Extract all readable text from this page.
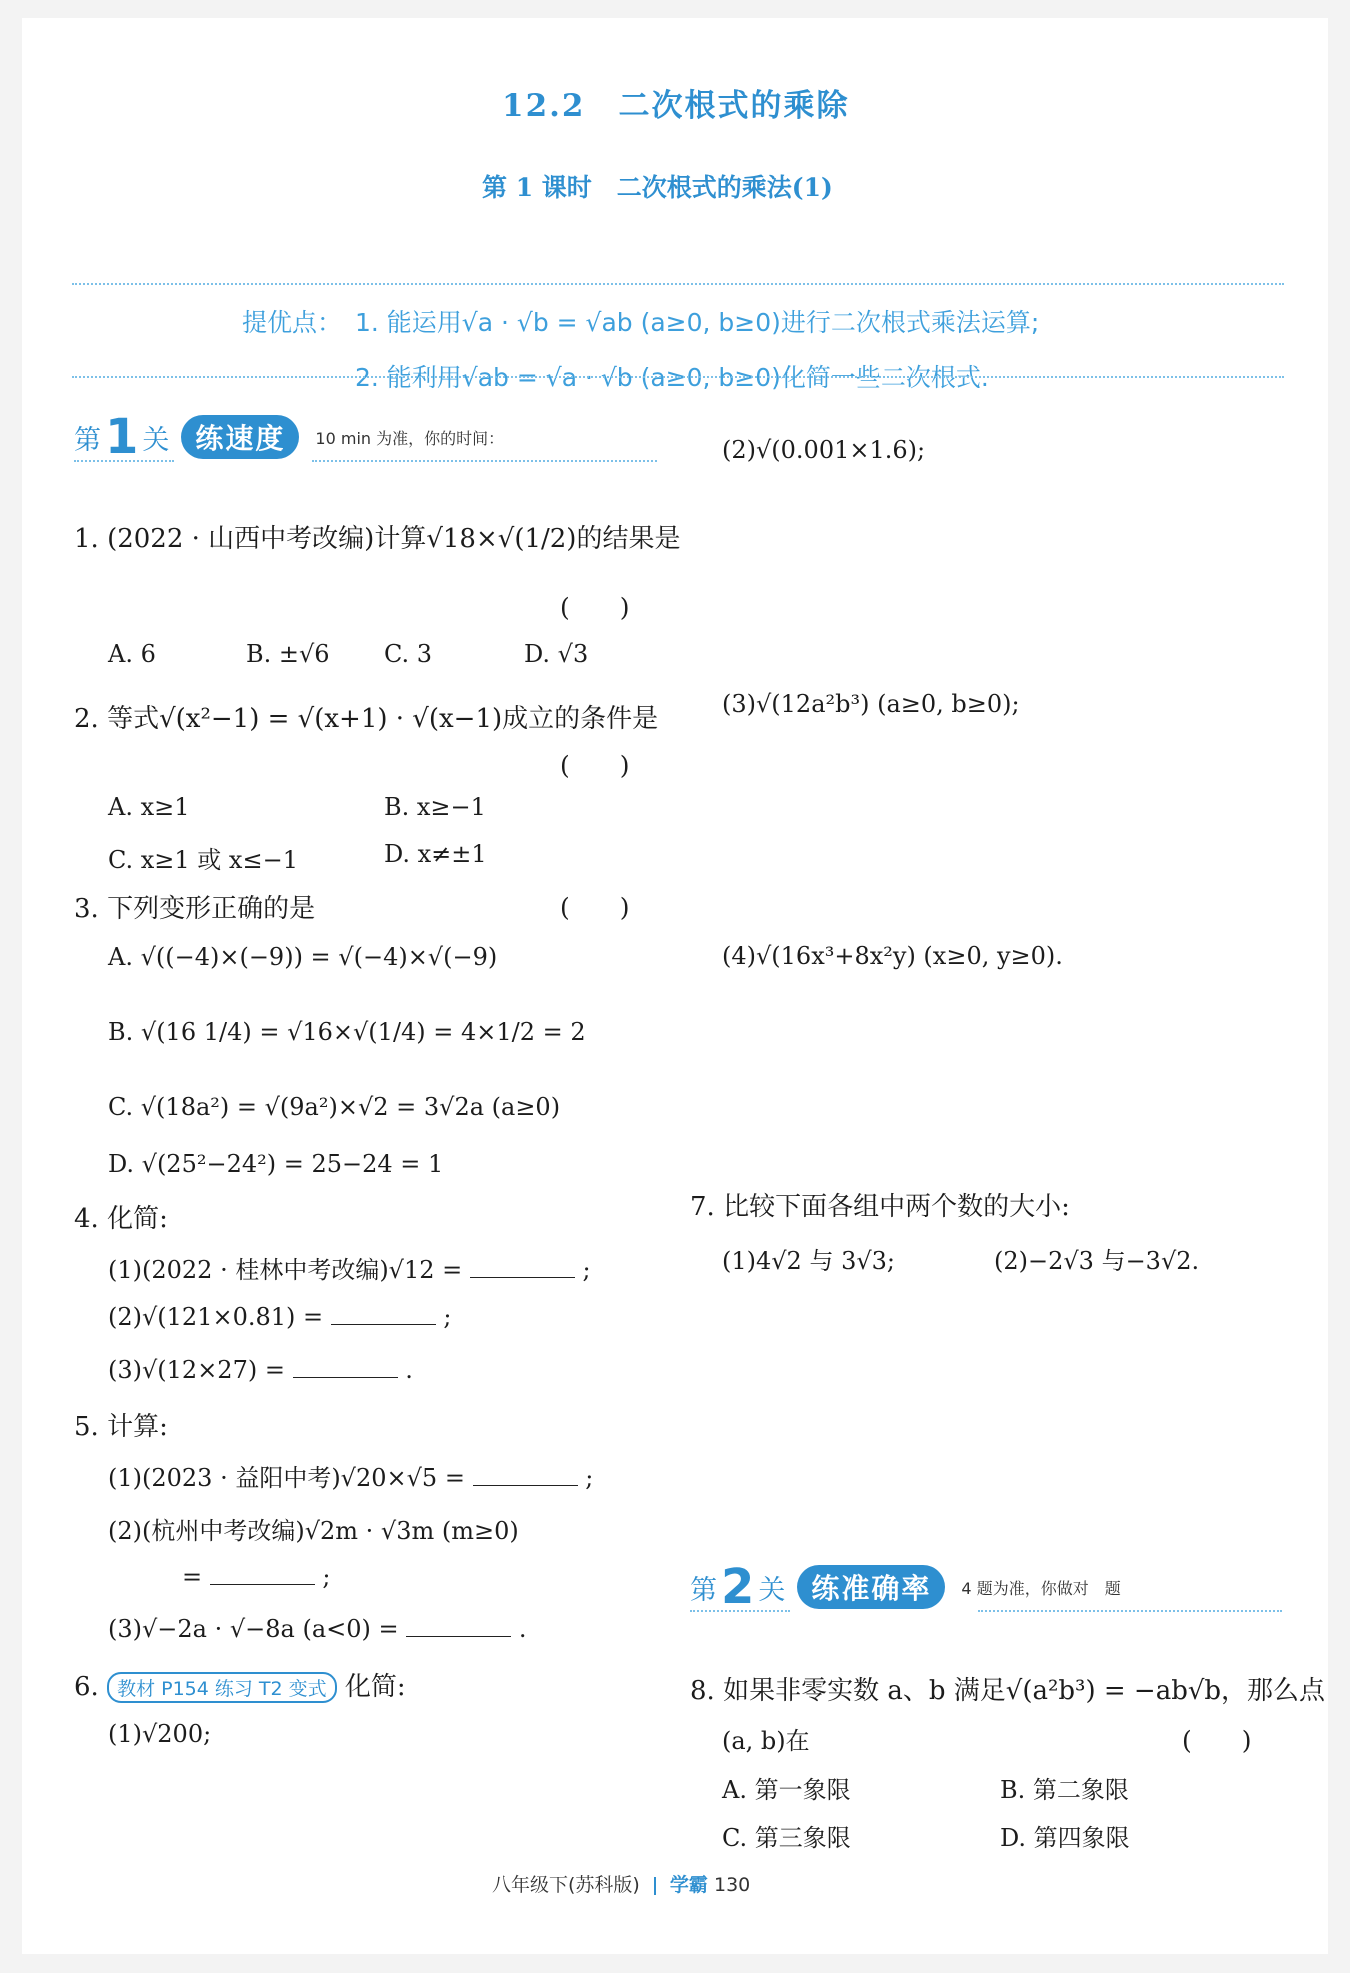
12.2　二次根式的乘除
第 1 课时　二次根式的乘法(1)
提优点： 1. 能运用√a · √b = √ab (a≥0, b≥0)进行二次根式乘法运算;
2. 能利用√ab = √a · √b (a≥0, b≥0)化简一些二次根式.
第 1 关 练速度	10 min 为准，你的时间：
1. (2022 · 山西中考改编)计算√18×√(1/2)的结果是
(　　)
A. 6	B. ±√6 C. 3	D. √3
2. 等式√(x²−1) = √(x+1) · √(x−1)成立的条件是
(　　)
A. x≥1	B. x≥−1
C. x≥1 或 x≤−1	D. x≠±1
3. 下列变形正确的是	(　　)
A. √((−4)×(−9)) = √(−4)×√(−9)
B. √(16 1/4) = √16×√(1/4) = 4×1/2 = 2
C. √(18a²) = √(9a²)×√2 = 3√2a (a≥0)
D. √(25²−24²) = 25−24 = 1
4. 化简:
(1)(2022 · 桂林中考改编)√12 =	;
(2)√(121×0.81) =	;
(3)√(12×27) =	.
5. 计算:
(1)(2023 · 益阳中考)√20×√5 =	;
(2)(杭州中考改编)√2m · √3m (m≥0)
=	;
(3)√−2a · √−8a (a<0) =	.
6. 教材 P154 练习 T2 变式 化简:
(1)√200;
(2)√(0.001×1.6);
(3)√(12a²b³) (a≥0, b≥0);
(4)√(16x³+8x²y) (x≥0, y≥0).
7. 比较下面各组中两个数的大小:
(1)4√2 与 3√3;	(2)−2√3 与−3√2.
第 2 关 练准确率	4 题为准，你做对　题
8. 如果非零实数 a、b 满足√(a²b³) = −ab√b，那么点
(a, b)在	(　　)
A. 第一象限	B. 第二象限
C. 第三象限	D. 第四象限
八年级下(苏科版) 学霸 130
